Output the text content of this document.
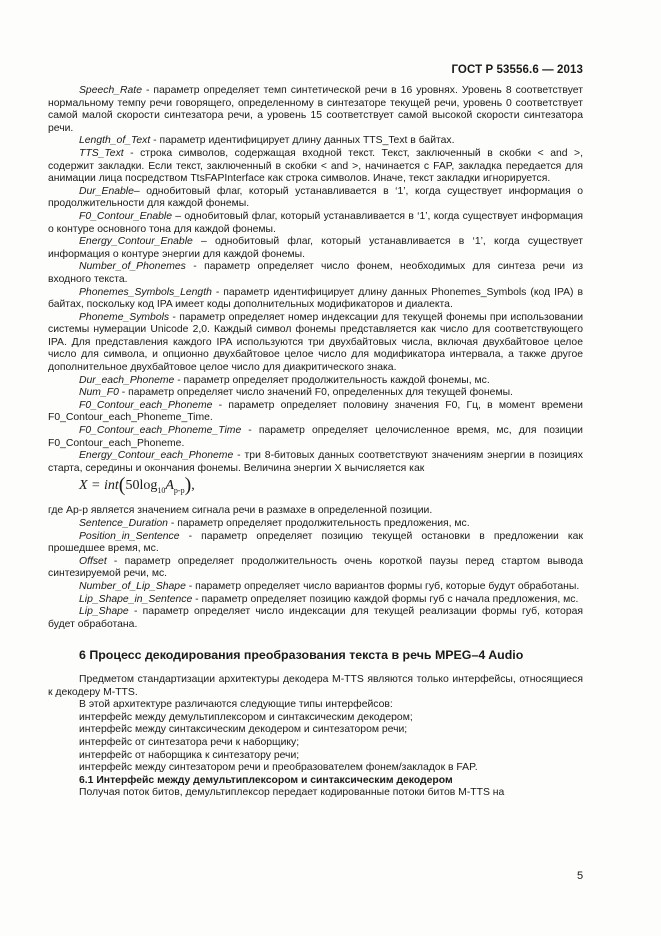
ГОСТ Р 53556.6 — 2013

Speech_Rate - параметр определяет темп синтетической речи в 16 уровнях. Уровень 8 соответствует нормальному темпу речи говорящего, определенному в синтезаторе текущей речи, уровень 0 соответствует самой малой скорости синтезатора речи, а уровень 15 соответствует самой высокой скорости синтезатора речи.

Length_of_Text - параметр идентифицирует длину данных TTS_Text в байтах.

TTS_Text - строка символов, содержащая входной текст. Текст, заключенный в скобки < and >, содержит закладки. Если текст, заключенный в скобки < and >, начинается с FAP, закладка передается для анимации лица посредством TtsFAPInterface как строка символов. Иначе, текст закладки игнорируется.

Dur_Enable– однобитовый флаг, который устанавливается в ‘1’, когда существует информация о продолжительности для каждой фонемы.

F0_Contour_Enable – однобитовый флаг, который устанавливается в ‘1’, когда существует информация о контуре основного тона для каждой фонемы.

Energy_Contour_Enable – однобитовый флаг, который устанавливается в ‘1’, когда существует информация о контуре энергии для каждой фонемы.

Number_of_Phonemes - параметр определяет число фонем, необходимых для синтеза речи из входного текста.

Phonemes_Symbols_Length - параметр идентифицирует длину данных Phonemes_Symbols (код IPA) в байтах, поскольку код IPA имеет коды дополнительных модификаторов и диалекта.

Phoneme_Symbols - параметр определяет номер индексации для текущей фонемы при использовании системы нумерации Unicode 2,0. Каждый символ фонемы представляется как число для соответствующего IPA. Для представления каждого IPA используются три двухбайтовых числа, включая двухбайтовое целое число для символа, и опционно двухбайтовое целое число для модификатора интервала, а также другое дополнительное двухбайтовое целое число для диакритического знака.

Dur_each_Phoneme - параметр определяет продолжительность каждой фонемы, мс.

Num_F0 - параметр определяет число значений F0, определенных для текущей фонемы.

F0_Contour_each_Phoneme - параметр определяет половину значения F0, Гц, в момент времени F0_Contour_each_Phoneme_Time.

F0_Contour_each_Phoneme_Time - параметр определяет целочисленное время, мс, для позиции F0_Contour_each_Phoneme.

Energy_Contour_each_Phoneme - три 8-битовых данных соответствуют значениям энергии в позициях старта, середины и окончания фонемы. Величина энергии X вычисляется как

$X = int(50\log_{10}A_{p-p})$,

где Ap-p является значением сигнала речи в размахе в определенной позиции.

Sentence_Duration - параметр определяет продолжительность предложения, мс.

Position_in_Sentence - параметр определяет позицию текущей остановки в предложении как прошедшее время, мс.

Offset - параметр определяет продолжительность очень короткой паузы перед стартом вывода синтезируемой речи, мс.

Number_of_Lip_Shape - параметр определяет число вариантов формы губ, которые будут обработаны.

Lip_Shape_in_Sentence - параметр определяет позицию каждой формы губ с начала предложения, мс.

Lip_Shape - параметр определяет число индексации для текущей реализации формы губ, которая будет обработана.

6 Процесс декодирования преобразования текста в речь MPEG–4 Audio

Предметом стандартизации архитектуры декодера M-TTS являются только интерфейсы, относящиеся к декодеру M-TTS.

В этой архитектуре различаются следующие типы интерфейсов:

интерфейс между демультиплексором и синтаксическим декодером;
интерфейс между синтаксическим декодером и синтезатором речи;
интерфейс от синтезатора речи к наборщику;
интерфейс от наборщика к синтезатору речи;
интерфейс между синтезатором речи и преобразователем фонем/закладок в FAP.
6.1 Интерфейс между демультиплексором и синтаксическим декодером

Получая поток битов, демультиплексор передает кодированные потоки битов M-TTS на

5
